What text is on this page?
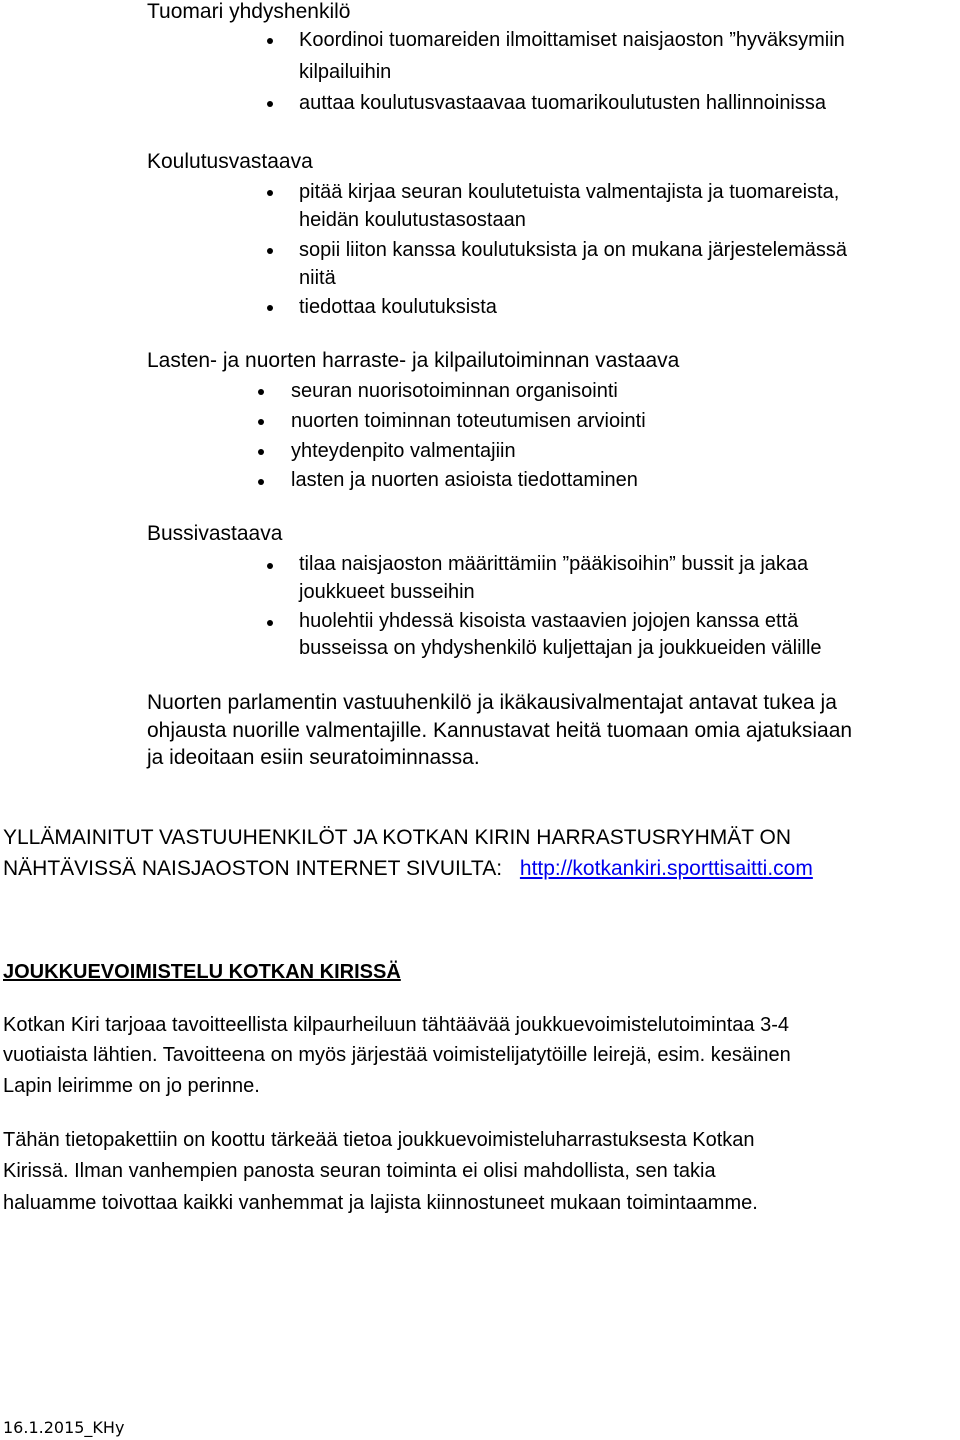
Tuomari yhdyshenkilö
Koordinoi tuomareiden ilmoittamiset naisjaoston ”hyväksymiin
kilpailuihin
auttaa koulutusvastaavaa tuomarikoulutusten hallinnoinissa
Koulutusvastaava
pitää kirjaa seuran koulutetuista valmentajista ja tuomareista,
heidän koulutustasostaan
sopii liiton kanssa koulutuksista ja on mukana järjestelemässä
niitä
tiedottaa koulutuksista
Lasten- ja nuorten harraste- ja kilpailutoiminnan vastaava
seuran nuorisotoiminnan organisointi
nuorten toiminnan toteutumisen arviointi
yhteydenpito valmentajiin
lasten ja nuorten asioista tiedottaminen
Bussivastaava
tilaa naisjaoston määrittämiin ”pääkisoihin” bussit ja jakaa
joukkueet busseihin
huolehtii yhdessä kisoista vastaavien jojojen kanssa että
busseissa on yhdyshenkilö kuljettajan ja joukkueiden välille
Nuorten parlamentin vastuuhenkilö ja ikäkausivalmentajat antavat tukea ja
ohjausta nuorille valmentajille. Kannustavat heitä tuomaan omia ajatuksiaan
ja ideoitaan esiin seuratoiminnassa.
YLLÄMAINITUT VASTUUHENKILÖT JA KOTKAN KIRIN HARRASTUSRYHMÄT ON
NÄHTÄVISSÄ NAISJAOSTON INTERNET SIVUILTA: http://kotkankiri.sporttisaitti.com
JOUKKUEVOIMISTELU KOTKAN KIRISSÄ
Kotkan Kiri tarjoaa tavoitteellista kilpaurheiluun tähtäävää joukkuevoimistelutoimintaa 3-4
vuotiaista lähtien. Tavoitteena on myös järjestää voimistelijatytöille leirejä, esim. kesäinen
Lapin leirimme on jo perinne.
Tähän tietopakettiin on koottu tärkeää tietoa joukkuevoimisteluharrastuksesta Kotkan
Kirissä. Ilman vanhempien panosta seuran toiminta ei olisi mahdollista, sen takia
haluamme toivottaa kaikki vanhemmat ja lajista kiinnostuneet mukaan toimintaamme.
16.1.2015_KHy
